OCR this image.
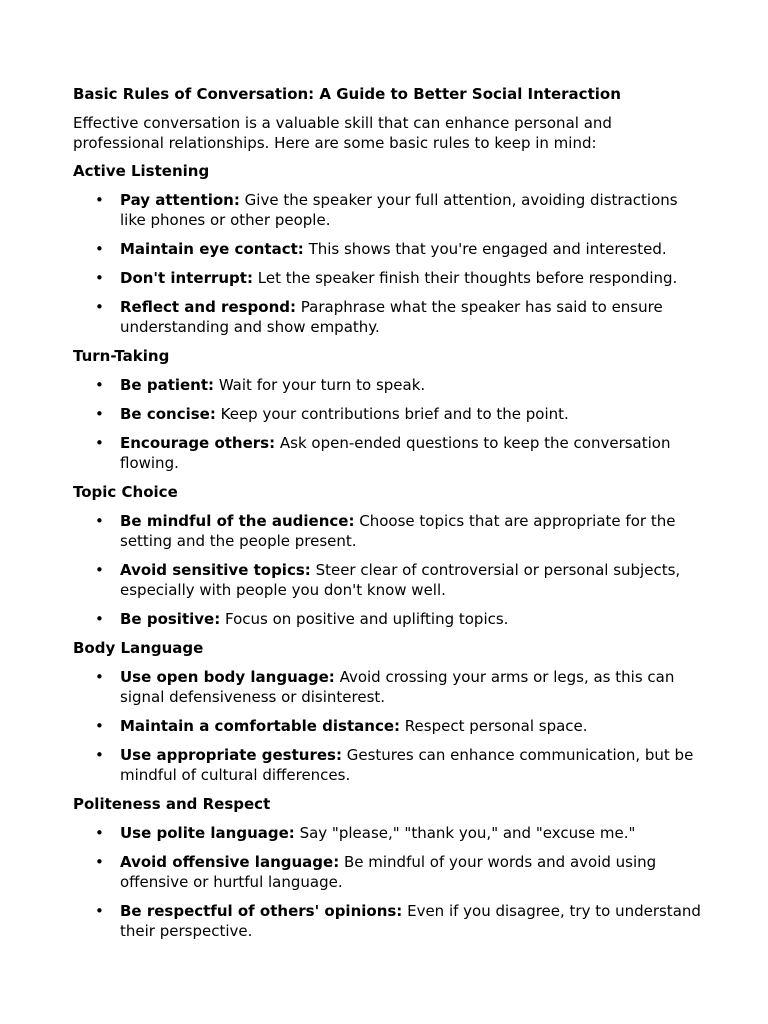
Basic Rules of Conversation: A Guide to Better Social Interaction
Effective conversation is a valuable skill that can enhance personal and professional relationships. Here are some basic rules to keep in mind:
Active Listening
• Pay attention: Give the speaker your full attention, avoiding distractions like phones or other people.
• Maintain eye contact: This shows that you're engaged and interested.
• Don't interrupt: Let the speaker finish their thoughts before responding.
• Reflect and respond: Paraphrase what the speaker has said to ensure understanding and show empathy.
Turn-Taking
• Be patient: Wait for your turn to speak.
• Be concise: Keep your contributions brief and to the point.
• Encourage others: Ask open-ended questions to keep the conversation flowing.
Topic Choice
• Be mindful of the audience: Choose topics that are appropriate for the setting and the people present.
• Avoid sensitive topics: Steer clear of controversial or personal subjects, especially with people you don't know well.
• Be positive: Focus on positive and uplifting topics.
Body Language
• Use open body language: Avoid crossing your arms or legs, as this can signal defensiveness or disinterest.
• Maintain a comfortable distance: Respect personal space.
• Use appropriate gestures: Gestures can enhance communication, but be mindful of cultural differences.
Politeness and Respect
• Use polite language: Say "please," "thank you," and "excuse me."
• Avoid offensive language: Be mindful of your words and avoid using offensive or hurtful language.
• Be respectful of others' opinions: Even if you disagree, try to understand their perspective.
